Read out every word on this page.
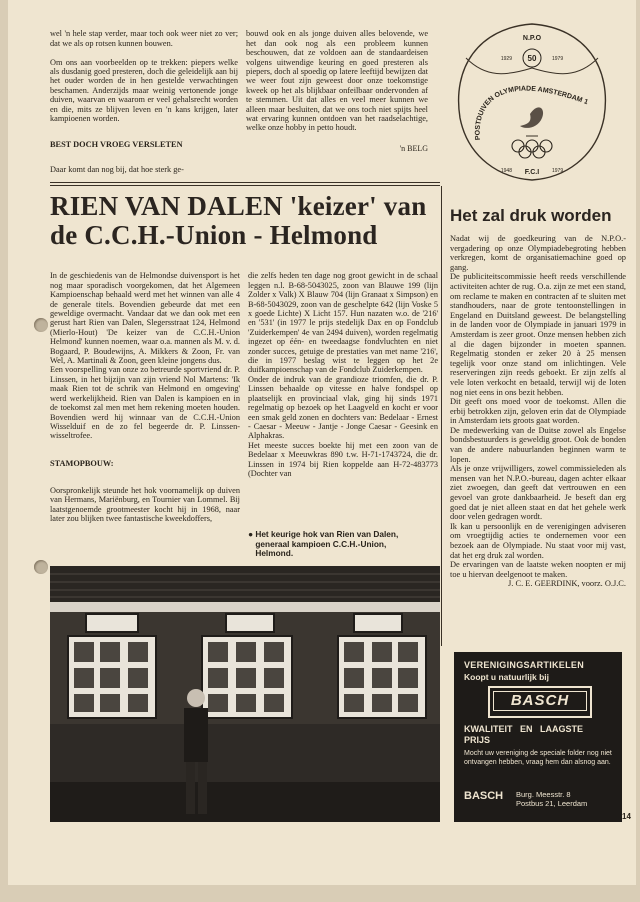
wel 'n hele stap verder, maar toch ook weer niet zo ver; dat we als op rotsen kunnen bouwen.

Om ons aan voorbeelden op te trekken: piepers welke als dusdanig goed presteren, doch die geleidelijk aan bij het ouder worden de in hen gestelde verwachtingen beschamen. Anderzijds maar weinig vertonende jonge duiven, waarvan en waarom er veel gehalsrecht worden en die, mits ze blijven leven en 'n kans krijgen, later kampioenen worden.

BEST DOCH VROEG VERSLETEN

Daar komt dan nog bij, dat hoe sterk ge-

bouwd ook en als jonge duiven alles belovende, we het dan ook nog als een probleem kunnen beschouwen, dat ze voldoen aan de standaardeisen volgens uitwendige keuring en goed presteren als piepers, doch al spoedig op latere leeftijd bewijzen dat we weer fout zijn geweest door onze toekomstige kweek op het als blijkbaar onfeilbaar ondervonden af te stemmen. Uit dat alles en veel meer kunnen we alleen maar besluiten, dat we ons toch niet spijts heel wat ervaring kunnen ontdoen van het raadselachtige, welke onze hobby in petto houdt.

'n BELG

N.P.O
50
1929	1979
POSTDUIVEN OLYMPIADE AMSTERDAM 1
1948 F.C.I	1979
RIEN VAN DALEN 'keizer' van
de C.C.H.-Union - Helmond

In de geschiedenis van de Helmondse duivensport is het nog maar sporadisch voorgekomen, dat het Algemeen Kampioenschap behaald werd met het winnen van alle 4 de generale titels. Bovendien gebeurde dat met een geweldige overmacht. Vandaar dat we dan ook met een gerust hart Rien van Dalen, Slegersstraat 124, Helmond (Mierlo-Hout) 'De keizer van de C.C.H.-Union Helmond' kunnen noemen, waar o.a. mannen als M. v. d. Bogaard, P. Boudewijns, A. Mikkers & Zoon, Fr. van Wel, A. Martinali & Zoon, geen kleine jongens dus.
Een voorspelling van onze zo betreurde sportvriend dr. P. Linssen, in het bijzijn van zijn vriend Nol Martens: 'Ik maak Rien tot de schrik van Helmond en omgeving' werd werkelijkheid. Rien van Dalen is kampioen en in de toekomst zal men met hem rekening moeten houden. Bovendien werd hij winnaar van de C.C.H.-Union Wisselduif en de zo fel begeerde dr. P. Linssen-wisseltrofee.

STAMOPBOUW:

Oorspronkelijk steunde het hok voornamelijk op duiven van Hermans, Mariënburg, en Tournier van Lommel. Bij laatstgenoemde grootmeester kocht hij in 1968, naar later zou blijken twee fantastische kweekdoffers,

die zelfs heden ten dage nog groot gewicht in de schaal leggen n.l. B-68-5043025, zoon van Blauwe 199 (lijn Zolder x Valk) X Blauw 704 (lijn Granaat x Simpson) en B-68-5043029, zoon van de geschelpte 642 (lijn Voske 5 x goede Lichte) X Licht 157. Hun nazaten w.o. de '216' en '531' (in 1977 le prijs stedelijk Dax en op Fondclub 'Zuiderkempen' 4e van 2494 duiven), worden regelmatig ingezet op één- en tweedaagse fondvluchten en niet zonder succes, getuige de prestaties van met name '216', die in 1977 beslag wist te leggen op het 2e duifkampioenschap van de Fondclub Zuiderkempen.
Onder de indruk van de grandioze triomfen, die dr. P. Linssen behaalde op vitesse en halve fondspel op plaatselijk en provinciaal vlak, ging hij sinds 1971 regelmatig op bezoek op het Laagveld en kocht er voor een smak geld zonen en dochters van: Bedelaar - Ernest - Caesar - Meeuw - Jantje - Jonge Caesar - Geesink en Alphakras.
Het meeste succes boekte hij met een zoon van de Bedelaar x Meeuwkras 890 t.w. H-71-1743724, die dr. Linssen in 1974 bij Rien koppelde aan H-72-483773 (Dochter van

● Het keurige hok van Rien van Dalen, generaal kampioen C.C.H.-Union, Helmond.
Het zal druk worden

Nadat wij de goedkeuring van de N.P.O.-vergadering op onze Olympiadebegroting hebben verkregen, komt de organisatiemachine goed op gang.
De publiciteitscommissie heeft reeds verschillende activiteiten achter de rug. O.a. zijn ze met een stand, om reclame te maken en contracten af te sluiten met standhouders, naar de grote tentoonstellingen in Engeland en Duitsland geweest. De belangstelling in de landen voor de Olympiade in januari 1979 in Amsterdam is zeer groot. Onze mensen hebben zich al die dagen bijzonder in moeten spannen. Regelmatig stonden er zeker 20 à 25 mensen tegelijk voor onze stand om inlichtingen. Vele reserveringen zijn reeds geboekt. Er zijn zelfs al vele loten verkocht en betaald, terwijl wij de loten nog niet eens in ons bezit hebben.
Dit geeft ons moed voor de toekomst. Allen die erbij betrokken zijn, geloven erin dat de Olympiade in Amsterdam iets groots gaat worden.
De medewerking van de Duitse zowel als Engelse bondsbestuurders is geweldig groot. Ook de bonden van de andere nabuurlanden beginnen warm te lopen.
Als je onze vrijwilligers, zowel commissieleden als mensen van het N.P.O.-bureau, dagen achter elkaar ziet zwoegen, dan geeft dat vertrouwen en een gevoel van grote dankbaarheid. Je beseft dan erg goed dat je niet alleen staat en dat het gehele werk door velen gedragen wordt.
Ik kan u persoonlijk en de verenigingen adviseren om vroegtijdig acties te ondernemen voor een bezoek aan de Olympiade. Nu staat voor mij vast, dat het erg druk zal worden.
De ervaringen van de laatste weken noopten er mij toe u hiervan deelgenoot te maken.

J. C. E. GEERDINK, voorz. O.J.C.

VERENIGINGSARTIKELEN
Koopt u natuurlijk bij
BASCH
KWALITEIT   EN   LAAGSTE
PRIJS
Mocht uw vereniging de speciale folder nog niet ontvangen hebben, vraag hem dan alsnog aan.
BASCH Burg. Meesstr. 8
Postbus 21, Leerdam
14
